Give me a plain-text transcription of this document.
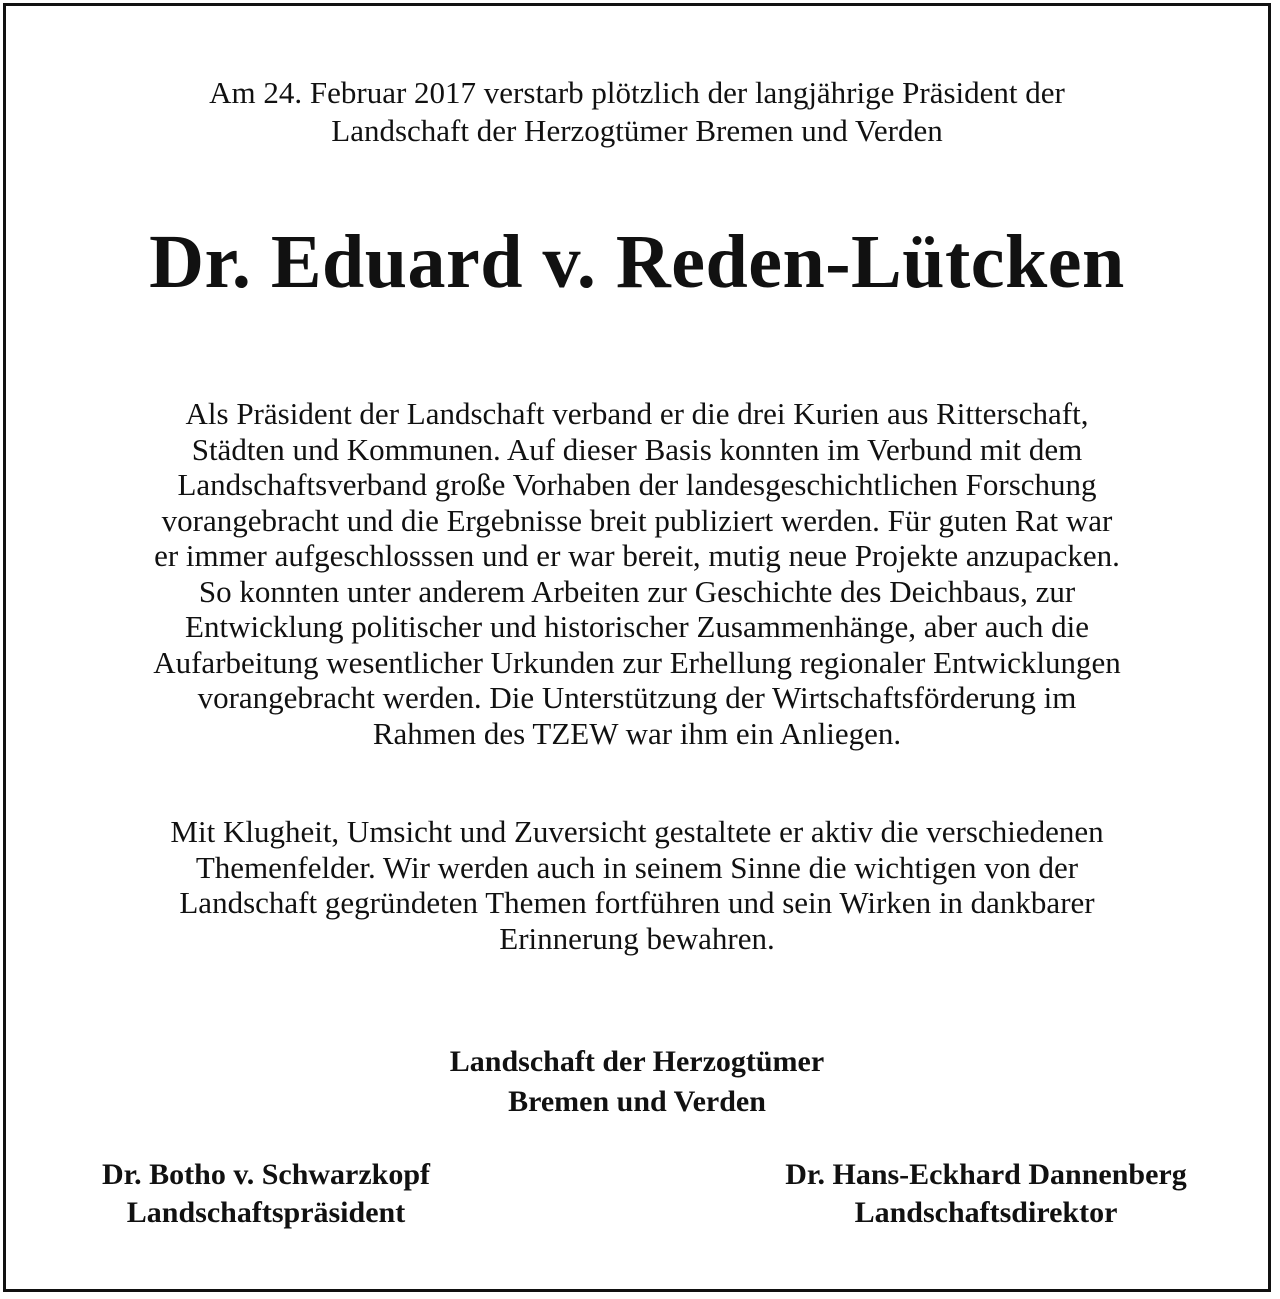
Am 24. Februar 2017 verstarb plötzlich der langjährige Präsident der
Landschaft der Herzogtümer Bremen und Verden
Dr. Eduard v. Reden-Lütcken
Als Präsident der Landschaft verband er die drei Kurien aus Ritterschaft,
Städten und Kommunen. Auf dieser Basis konnten im Verbund mit dem
Landschaftsverband große Vorhaben der landesgeschichtlichen Forschung
vorangebracht und die Ergebnisse breit publiziert werden. Für guten Rat war
er immer aufgeschlosssen und er war bereit, mutig neue Projekte anzupacken.
So konnten unter anderem Arbeiten zur Geschichte des Deichbaus, zur
Entwicklung politischer und historischer Zusammenhänge, aber auch die
Aufarbeitung wesentlicher Urkunden zur Erhellung regionaler Entwicklungen
vorangebracht werden. Die Unterstützung der Wirtschaftsförderung im
Rahmen des TZEW war ihm ein Anliegen.
Mit Klugheit, Umsicht und Zuversicht gestaltete er aktiv die verschiedenen
Themenfelder. Wir werden auch in seinem Sinne die wichtigen von der
Landschaft gegründeten Themen fortführen und sein Wirken in dankbarer
Erinnerung bewahren.
Landschaft der Herzogtümer
Bremen und Verden
Dr. Botho v. Schwarzkopf
Landschaftspräsident
Dr. Hans-Eckhard Dannenberg
Landschaftsdirektor
